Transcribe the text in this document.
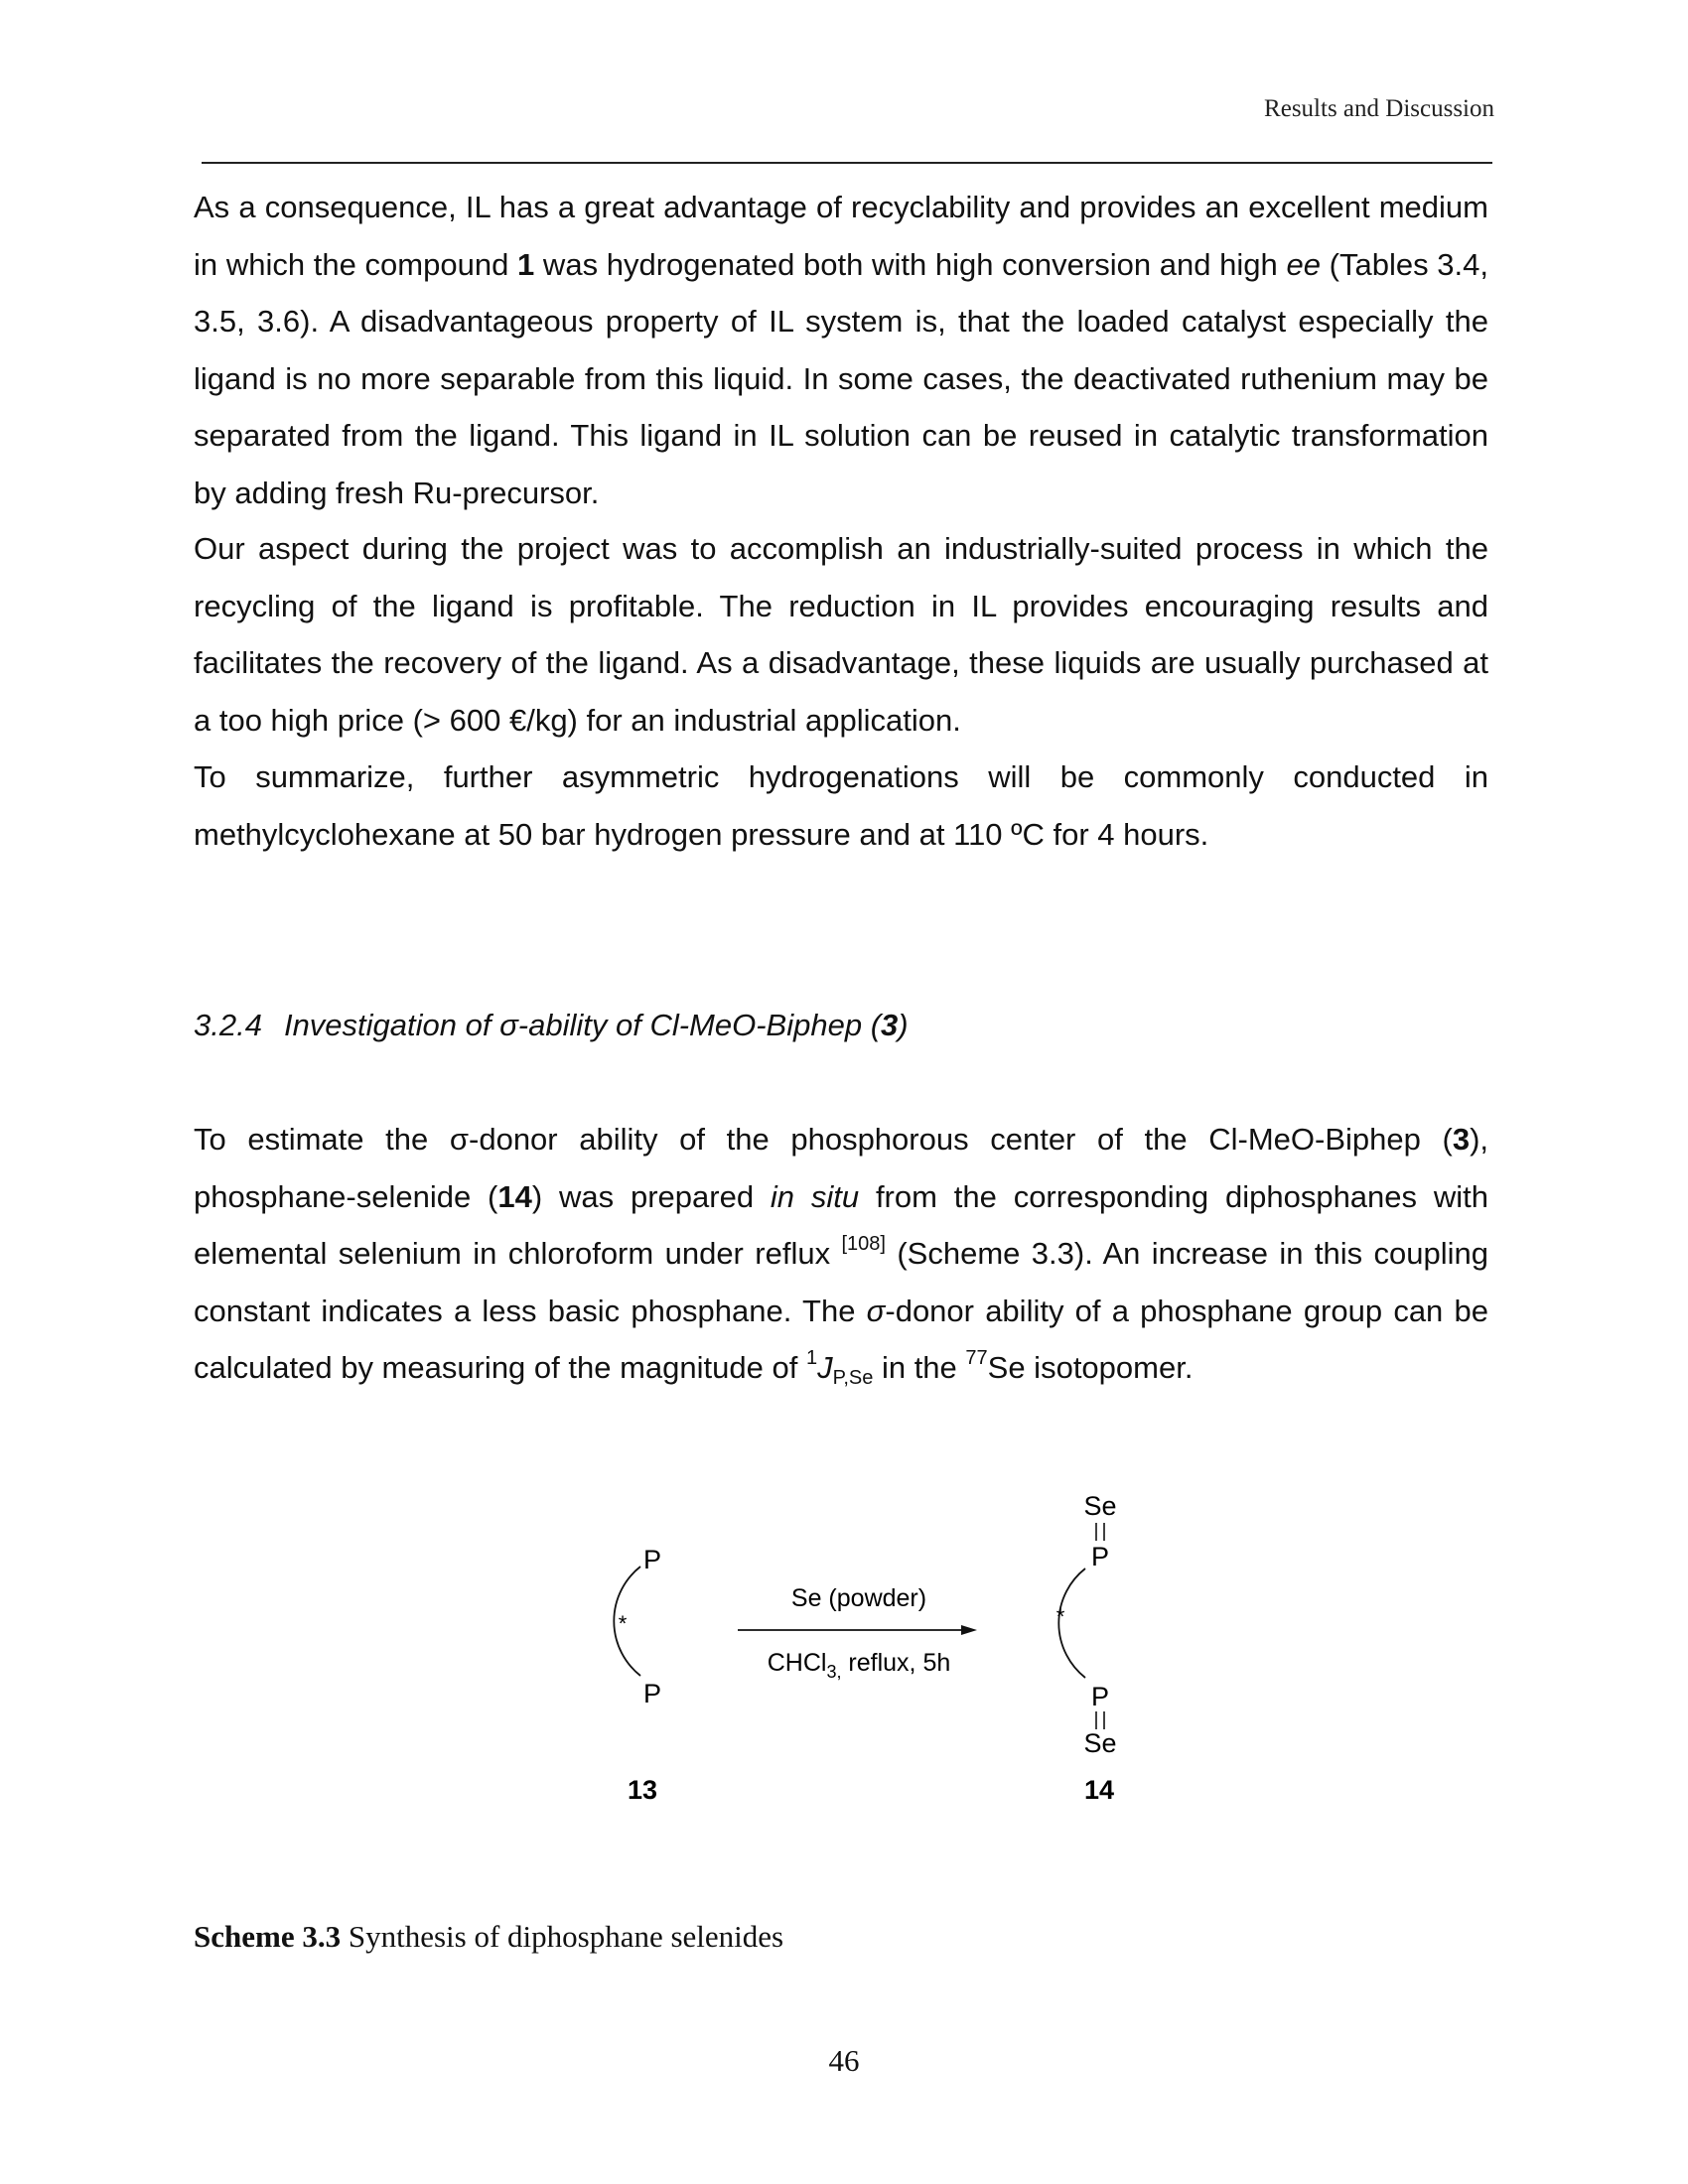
Results and Discussion

As a consequence, IL has a great advantage of recyclability and provides an excellent medium in which the compound 1 was hydrogenated both with high conversion and high ee (Tables 3.4, 3.5, 3.6). A disadvantageous property of IL system is, that the loaded catalyst especially the ligand is no more separable from this liquid. In some cases, the deactivated ruthenium may be separated from the ligand. This ligand in IL solution can be reused in catalytic transformation by adding fresh Ru-precursor.

Our aspect during the project was to accomplish an industrially-suited process in which the recycling of the ligand is profitable. The reduction in IL provides encouraging results and facilitates the recovery of the ligand. As a disadvantage, these liquids are usually purchased at a too high price (> 600 €/kg) for an industrial application.

To summarize, further asymmetric hydrogenations will be commonly conducted in methylcyclohexane at 50 bar hydrogen pressure and at 110 ºC for 4 hours.

3.2.4 Investigation of σ-ability of Cl-MeO-Biphep (3)

To estimate the σ-donor ability of the phosphorous center of the Cl-MeO-Biphep (3), phosphane-selenide (14) was prepared in situ from the corresponding diphosphanes with elemental selenium in chloroform under reflux [108] (Scheme 3.3). An increase in this coupling constant indicates a less basic phosphane. The σ-donor ability of a phosphane group can be calculated by measuring of the magnitude of $^1J_{P,Se}$ in the $^{77}$Se isotopomer.

P
*
P
13
Se (powder)
CHCl$_{3,}$ reflux, 5h
Se
P
*
P
Se
14
Scheme 3.3 Synthesis of diphosphane selenides
46
